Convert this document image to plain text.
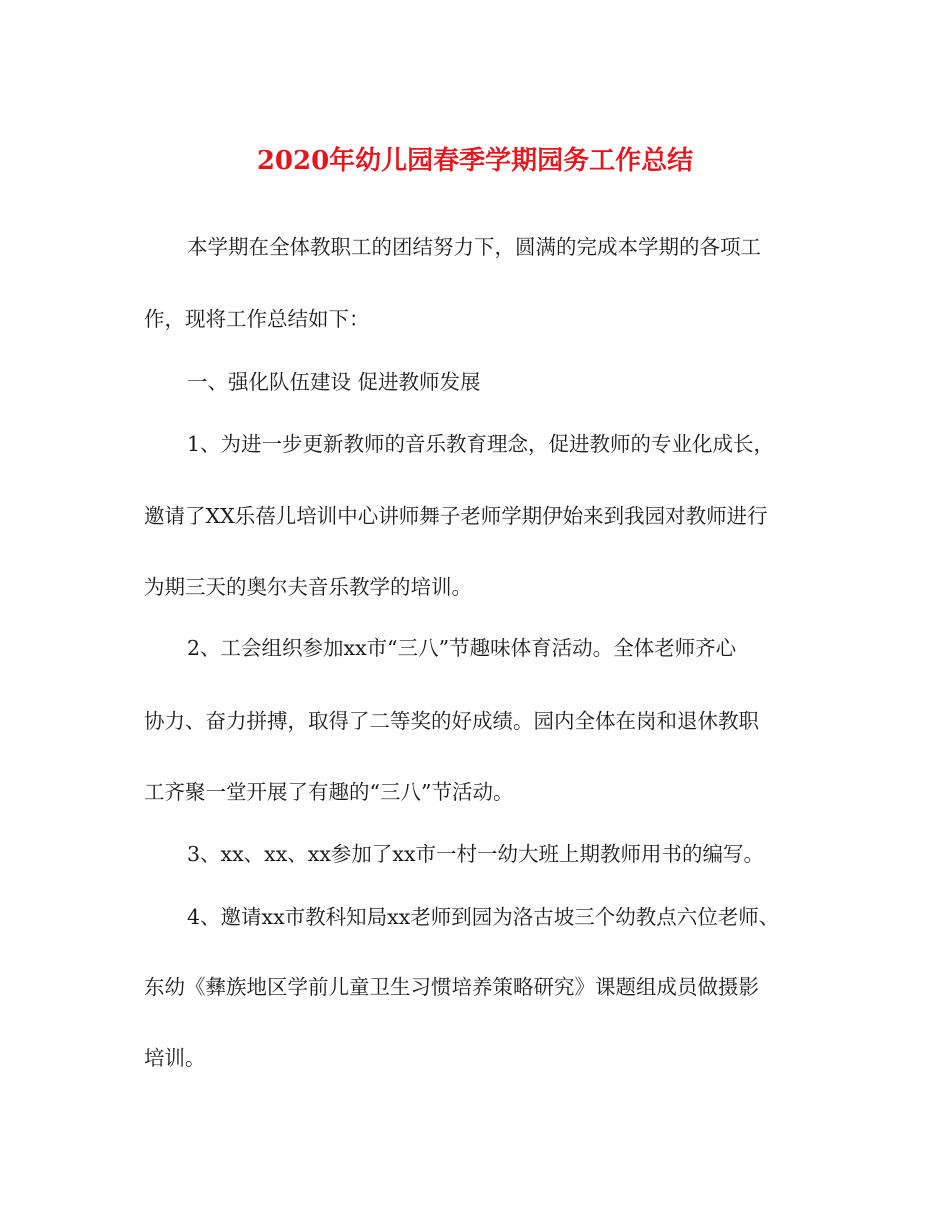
2020年幼儿园春季学期园务工作总结

本学期在全体教职工的团结努力下，圆满的完成本学期的各项工

作，现将工作总结如下：

一、强化队伍建设 促进教师发展

1、为进一步更新教师的音乐教育理念，促进教师的专业化成长，

邀请了XX乐蓓儿培训中心讲师舞子老师学期伊始来到我园对教师进行

为期三天的奥尔夫音乐教学的培训。

2、工会组织参加xx市“三八”节趣味体育活动。全体老师齐心

协力、奋力拼搏，取得了二等奖的好成绩。园内全体在岗和退休教职

工齐聚一堂开展了有趣的“三八”节活动。

3、xx、xx、xx参加了xx市一村一幼大班上期教师用书的编写。

4、邀请xx市教科知局xx老师到园为洛古坡三个幼教点六位老师、

东幼《彝族地区学前儿童卫生习惯培养策略研究》课题组成员做摄影

培训。
